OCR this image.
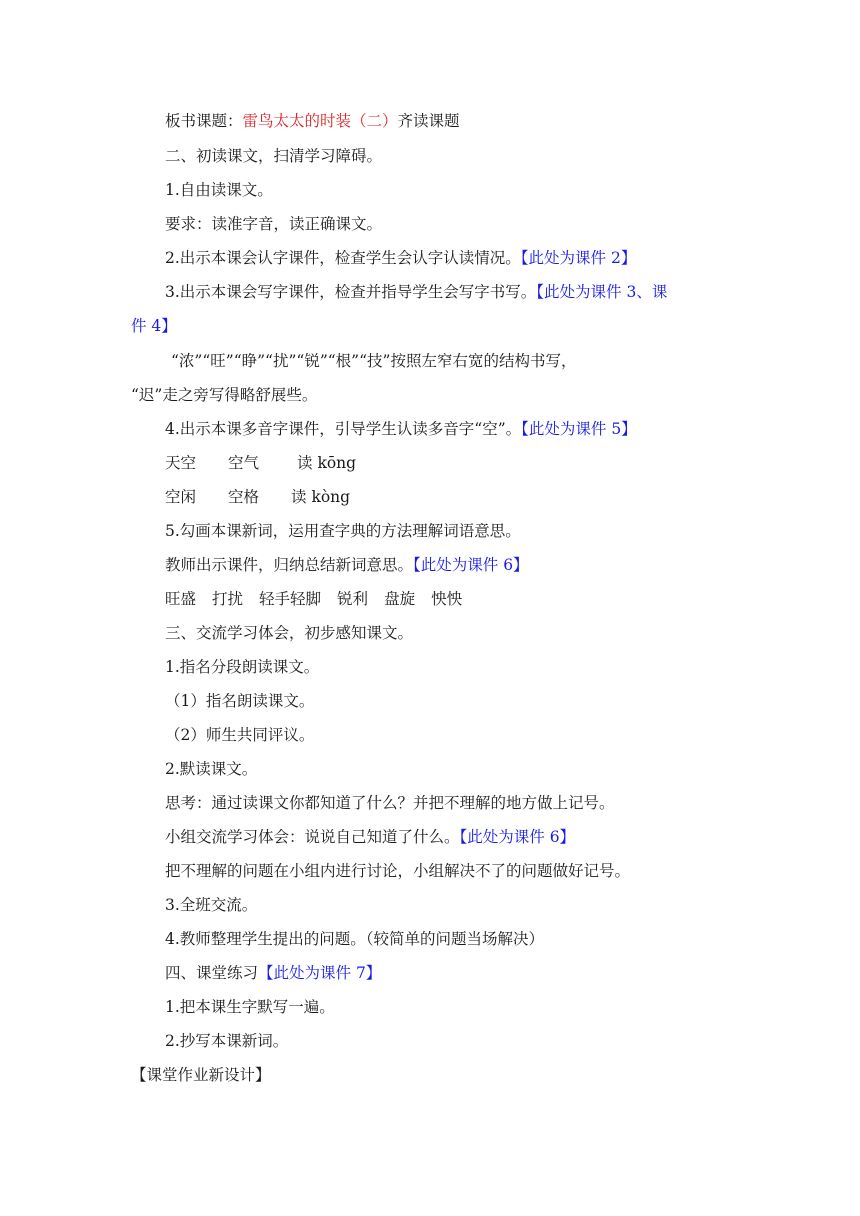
板书课题：雷鸟太太的时装（二）齐读课题
二、初读课文，扫清学习障碍。
1.自由读课文。
要求：读准字音，读正确课文。
2.出示本课会认字课件，检查学生会认字认读情况。【此处为课件 2】
3.出示本课会写字课件，检查并指导学生会写字书写。【此处为课件 3、课
件 4】
“浓”“旺”“睁”“扰”“锐”“根”“技”按照左窄右宽的结构书写，
“迟”走之旁写得略舒展些。
4.出示本课多音字课件，引导学生认读多音字“空”。【此处为课件 5】
天空 空气 读 kōng
空闲 空格 读 kòng
5.勾画本课新词，运用查字典的方法理解词语意思。
教师出示课件，归纳总结新词意思。【此处为课件 6】
旺盛 打扰 轻手轻脚 锐利 盘旋 怏怏
三、交流学习体会，初步感知课文。
1.指名分段朗读课文。
（1）指名朗读课文。
（2）师生共同评议。
2.默读课文。
思考：通过读课文你都知道了什么？并把不理解的地方做上记号。
小组交流学习体会：说说自己知道了什么。【此处为课件 6】
把不理解的问题在小组内进行讨论，小组解决不了的问题做好记号。
3.全班交流。
4.教师整理学生提出的问题。（较简单的问题当场解决）
四、课堂练习【此处为课件 7】
1.把本课生字默写一遍。
2.抄写本课新词。
【课堂作业新设计】
